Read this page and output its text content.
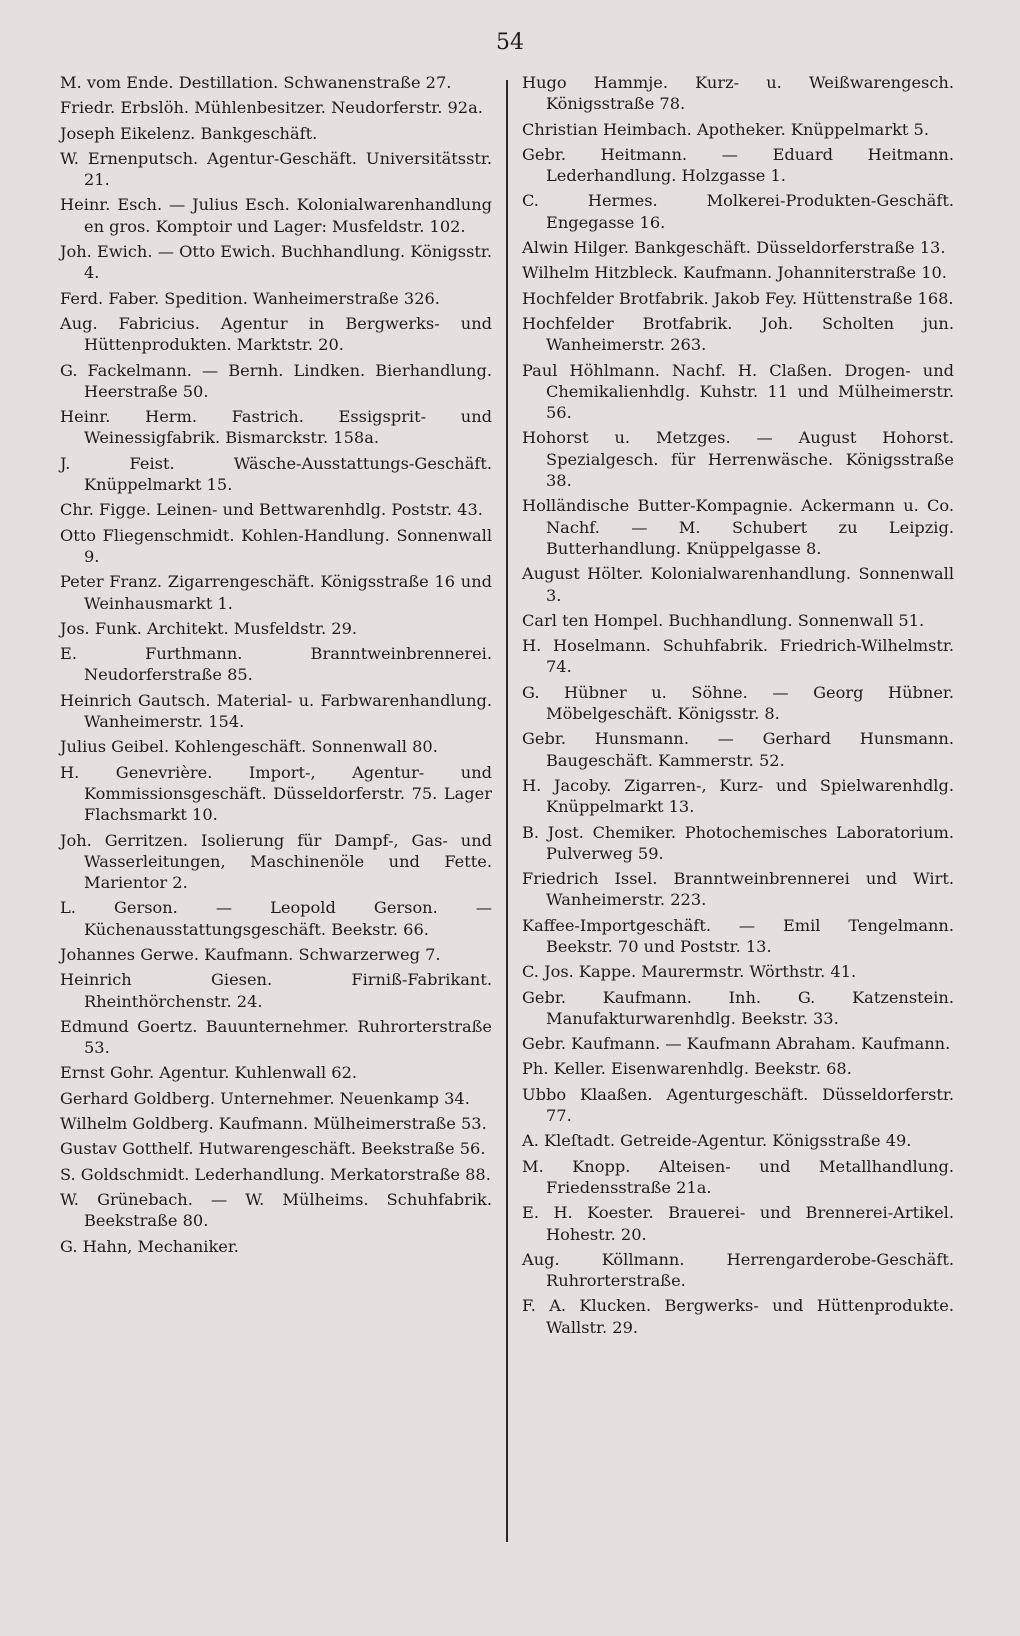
54

M. vom Ende. Destillation. Schwanenstraße 27.

Friedr. Erbslöh. Mühlenbesitzer. Neudorferstr. 92a.

Joseph Eikelenz. Bankgeschäft.

W. Ernenputsch. Agentur-Geschäft. Universitätsstr. 21.

Heinr. Esch. — Julius Esch. Kolonialwarenhandlung en gros. Komptoir und Lager: Musfeldstr. 102.

Joh. Ewich. — Otto Ewich. Buchhandlung. Königsstr. 4.

Ferd. Faber. Spedition. Wanheimerstraße 326.

Aug. Fabricius. Agentur in Bergwerks- und Hüttenprodukten. Marktstr. 20.

G. Fackelmann. — Bernh. Lindken. Bierhandlung. Heerstraße 50.

Heinr. Herm. Fastrich. Essigsprit- und Weinessigfabrik. Bismarckstr. 158a.

J. Feist. Wäsche-Ausstattungs-Geschäft. Knüppelmarkt 15.

Chr. Figge. Leinen- und Bettwarenhdlg. Poststr. 43.

Otto Fliegenschmidt. Kohlen-Handlung. Sonnenwall 9.

Peter Franz. Zigarrengeschäft. Königsstraße 16 und Weinhausmarkt 1.

Jos. Funk. Architekt. Musfeldstr. 29.

E. Furthmann. Branntweinbrennerei. Neudorferstraße 85.

Heinrich Gautsch. Material- u. Farbwarenhandlung. Wanheimerstr. 154.

Julius Geibel. Kohlengeschäft. Sonnenwall 80.

H. Genevrière. Import-, Agentur- und Kommissionsgeschäft. Düsseldorferstr. 75. Lager Flachsmarkt 10.

Joh. Gerritzen. Isolierung für Dampf-, Gas- und Wasserleitungen, Maschinenöle und Fette. Marientor 2.

L. Gerson. — Leopold Gerson. — Küchenausstattungsgeschäft. Beekstr. 66.

Johannes Gerwe. Kaufmann. Schwarzerweg 7.

Heinrich Giesen. Firniß-Fabrikant. Rheinthörchenstr. 24.

Edmund Goertz. Bauunternehmer. Ruhrorterstraße 53.

Ernst Gohr. Agentur. Kuhlenwall 62.

Gerhard Goldberg. Unternehmer. Neuenkamp 34.

Wilhelm Goldberg. Kaufmann. Mülheimerstraße 53.

Gustav Gotthelf. Hutwarengeschäft. Beekstraße 56.

S. Goldschmidt. Lederhandlung. Merkatorstraße 88.

W. Grünebach. — W. Mülheims. Schuhfabrik. Beekstraße 80.

G. Hahn, Mechaniker.

Hugo Hammje. Kurz- u. Weißwarengesch. Königsstraße 78.

Christian Heimbach. Apotheker. Knüppelmarkt 5.

Gebr. Heitmann. — Eduard Heitmann. Lederhandlung. Holzgasse 1.

C. Hermes. Molkerei-Produkten-Geschäft. Engegasse 16.

Alwin Hilger. Bankgeschäft. Düsseldorferstraße 13.

Wilhelm Hitzbleck. Kaufmann. Johanniterstraße 10.

Hochfelder Brotfabrik. Jakob Fey. Hüttenstraße 168.

Hochfelder Brotfabrik. Joh. Scholten jun. Wanheimerstr. 263.

Paul Höhlmann. Nachf. H. Claßen. Drogen- und Chemikalienhdlg. Kuhstr. 11 und Mülheimerstr. 56.

Hohorst u. Metzges. — August Hohorst. Spezialgesch. für Herrenwäsche. Königsstraße 38.

Holländische Butter-Kompagnie. Ackermann u. Co. Nachf. — M. Schubert zu Leipzig. Butterhandlung. Knüppelgasse 8.

August Hölter. Kolonialwarenhandlung. Sonnenwall 3.

Carl ten Hompel. Buchhandlung. Sonnenwall 51.

H. Hoselmann. Schuhfabrik. Friedrich-Wilhelmstr. 74.

G. Hübner u. Söhne. — Georg Hübner. Möbelgeschäft. Königsstr. 8.

Gebr. Hunsmann. — Gerhard Hunsmann. Baugeschäft. Kammerstr. 52.

H. Jacoby. Zigarren-, Kurz- und Spielwarenhdlg. Knüppelmarkt 13.

B. Jost. Chemiker. Photochemisches Laboratorium. Pulverweg 59.

Friedrich Issel. Branntweinbrennerei und Wirt. Wanheimerstr. 223.

Kaffee-Importgeschäft. — Emil Tengelmann. Beekstr. 70 und Poststr. 13.

C. Jos. Kappe. Maurermstr. Wörthstr. 41.

Gebr. Kaufmann. Inh. G. Katzenstein. Manufakturwarenhdlg. Beekstr. 33.

Gebr. Kaufmann. — Kaufmann Abraham. Kaufmann.

Ph. Keller. Eisenwarenhdlg. Beekstr. 68.

Ubbo Klaaßen. Agenturgeschäft. Düsseldorferstr. 77.

A. Kleſtadt. Getreide-Agentur. Königsstraße 49.

M. Knopp. Alteisen- und Metallhandlung. Friedensstraße 21a.

E. H. Koester. Brauerei- und Brennerei-Artikel. Hohestr. 20.

Aug. Köllmann. Herrengarderobe-Geschäft. Ruhrorterstraße.

F. A. Klucken. Bergwerks- und Hüttenprodukte. Wallstr. 29.
